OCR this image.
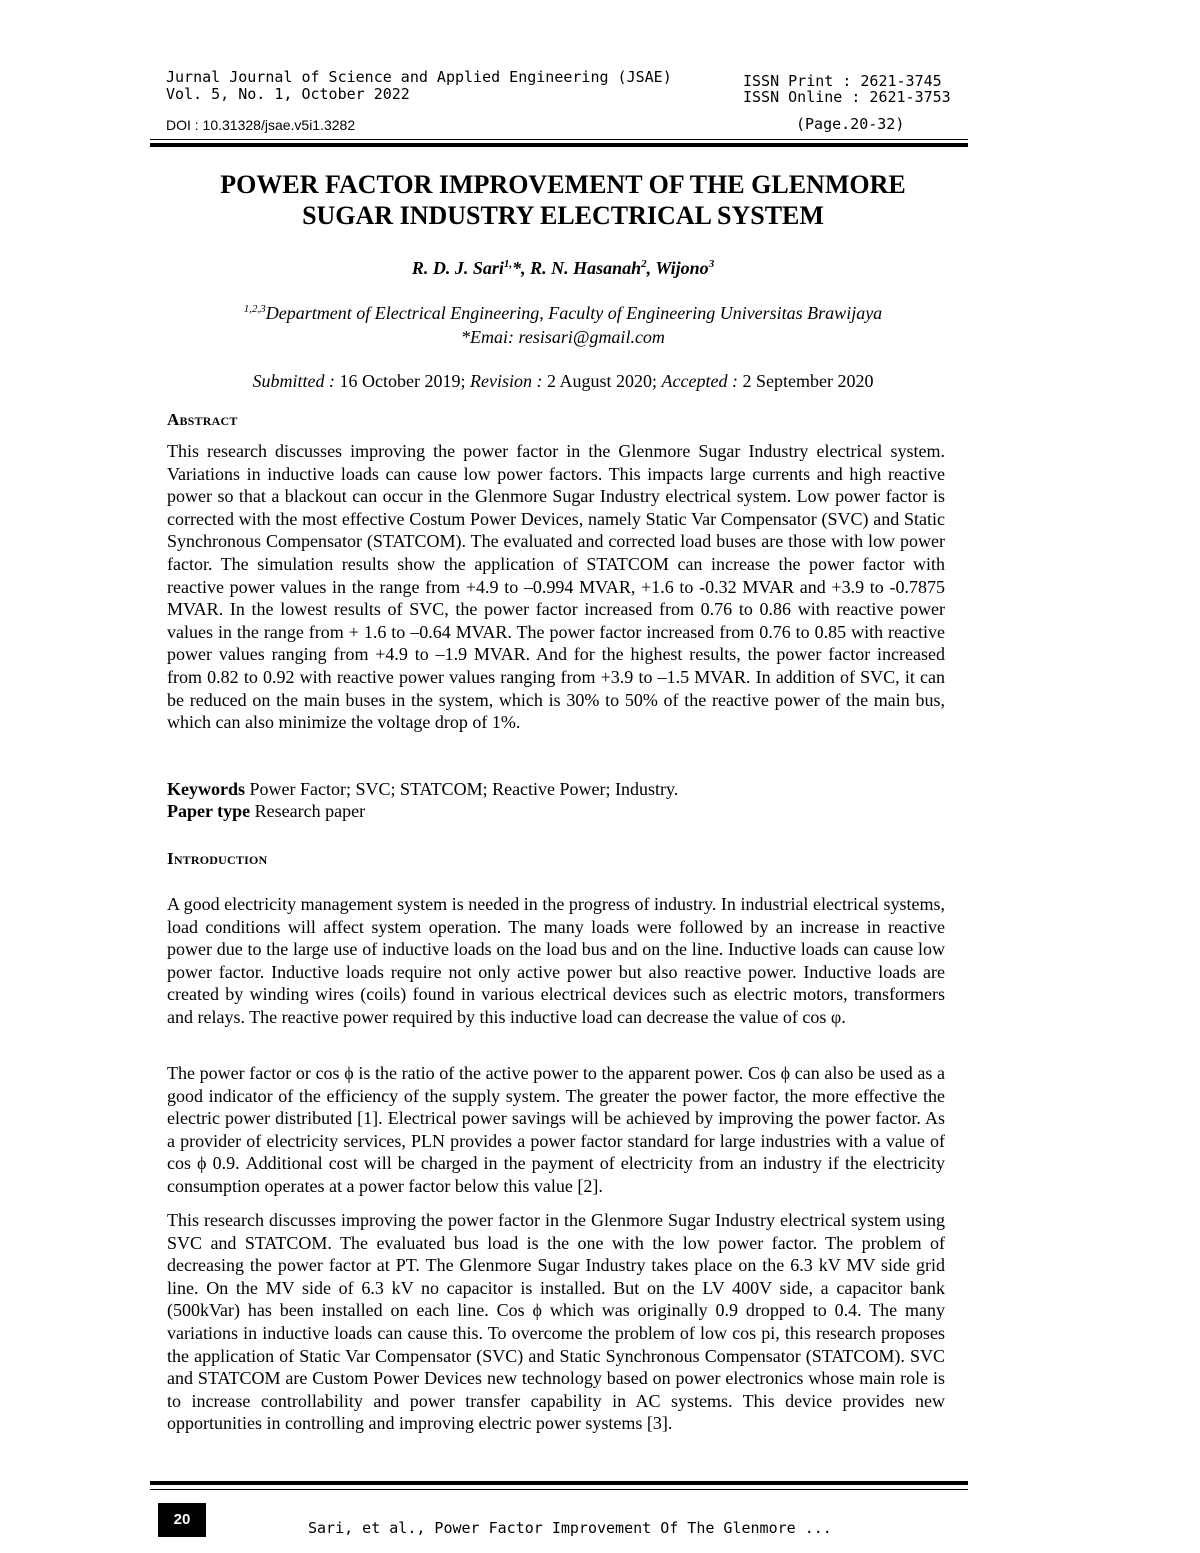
Jurnal Journal of Science and Applied Engineering (JSAE)
Vol. 5, No. 1, October 2022
DOI : 10.31328/jsae.v5i1.3282
ISSN Print : 2621-3745
ISSN Online : 2621-3753
(Page.20-32)
POWER FACTOR IMPROVEMENT OF THE GLENMORE
SUGAR INDUSTRY ELECTRICAL SYSTEM
R. D. J. Sari$^{1,}$*, R. N. Hasanah$^2$, Wijono$^3$
$^{1,2,3}$Department of Electrical Engineering, Faculty of Engineering Universitas Brawijaya
*Emai: resisari@gmail.com
Submitted : 16 October 2019; Revision : 2 August 2020; Accepted : 2 September 2020
Abstract
This research discusses improving the power factor in the Glenmore Sugar Industry electrical system. Variations in inductive loads can cause low power factors. This impacts large currents and high reactive power so that a blackout can occur in the Glenmore Sugar Industry electrical system. Low power factor is corrected with the most effective Costum Power Devices, namely Static Var Compensator (SVC) and Static Synchronous Compensator (STATCOM). The evaluated and corrected load buses are those with low power factor. The simulation results show the application of STATCOM can increase the power factor with reactive power values in the range from +4.9 to –0.994 MVAR, +1.6 to -0.32 MVAR and +3.9 to -0.7875 MVAR. In the lowest results of SVC, the power factor increased from 0.76 to 0.86 with reactive power values in the range from + 1.6 to –0.64 MVAR. The power factor increased from 0.76 to 0.85 with reactive power values ranging from +4.9 to –1.9 MVAR. And for the highest results, the power factor increased from 0.82 to 0.92 with reactive power values ranging from +3.9 to –1.5 MVAR. In addition of SVC, it can be reduced on the main buses in the system, which is 30% to 50% of the reactive power of the main bus, which can also minimize the voltage drop of 1%.
Keywords Power Factor; SVC; STATCOM; Reactive Power; Industry.
Paper type Research paper
Introduction
A good electricity management system is needed in the progress of industry. In industrial electrical systems, load conditions will affect system operation. The many loads were followed by an increase in reactive power due to the large use of inductive loads on the load bus and on the line. Inductive loads can cause low power factor. Inductive loads require not only active power but also reactive power. Inductive loads are created by winding wires (coils) found in various electrical devices such as electric motors, transformers and relays. The reactive power required by this inductive load can decrease the value of cos φ.
The power factor or cos ϕ is the ratio of the active power to the apparent power. Cos ϕ can also be used as a good indicator of the efficiency of the supply system. The greater the power factor, the more effective the electric power distributed [1]. Electrical power savings will be achieved by improving the power factor. As a provider of electricity services, PLN provides a power factor standard for large industries with a value of cos ϕ 0.9. Additional cost will be charged in the payment of electricity from an industry if the electricity consumption operates at a power factor below this value [2].
This research discusses improving the power factor in the Glenmore Sugar Industry electrical system using SVC and STATCOM. The evaluated bus load is the one with the low power factor. The problem of decreasing the power factor at PT. The Glenmore Sugar Industry takes place on the 6.3 kV MV side grid line. On the MV side of 6.3 kV no capacitor is installed. But on the LV 400V side, a capacitor bank (500kVar) has been installed on each line. Cos ϕ which was originally 0.9 dropped to 0.4. The many variations in inductive loads can cause this. To overcome the problem of low cos pi, this research proposes the application of Static Var Compensator (SVC) and Static Synchronous Compensator (STATCOM). SVC and STATCOM are Custom Power Devices new technology based on power electronics whose main role is to increase controllability and power transfer capability in AC systems. This device provides new opportunities in controlling and improving electric power systems [3].
20	Sari, et al., Power Factor Improvement Of The Glenmore ...
